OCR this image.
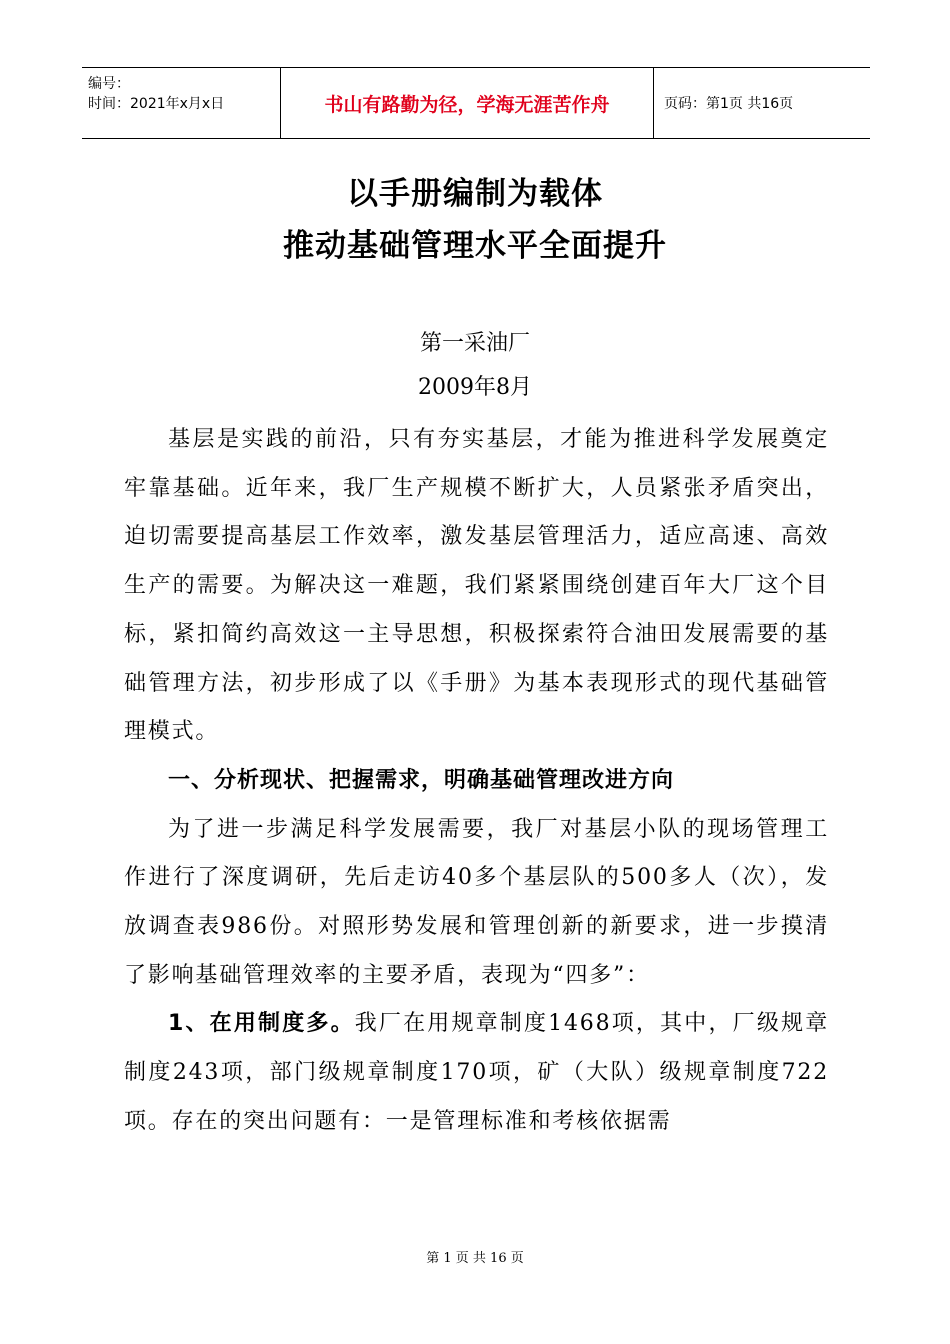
编号：
时间：2021年x月x日	书山有路勤为径，学海无涯苦作舟	页码：第1页 共16页
以手册编制为载体
推动基础管理水平全面提升
第一采油厂
2009年8月

基层是实践的前沿，只有夯实基层，才能为推进科学发展奠定牢靠基础。近年来，我厂生产规模不断扩大，人员紧张矛盾突出，迫切需要提高基层工作效率，激发基层管理活力，适应高速、高效生产的需要。为解决这一难题，我们紧紧围绕创建百年大厂这个目标，紧扣简约高效这一主导思想，积极探索符合油田发展需要的基础管理方法，初步形成了以《手册》为基本表现形式的现代基础管理模式。

一、分析现状、把握需求，明确基础管理改进方向

为了进一步满足科学发展需要，我厂对基层小队的现场管理工作进行了深度调研，先后走访40多个基层队的500多人（次），发放调查表986份。对照形势发展和管理创新的新要求，进一步摸清了影响基础管理效率的主要矛盾，表现为“四多”：

1、在用制度多。我厂在用规章制度1468项，其中，厂级规章制度243项，部门级规章制度170项，矿（大队）级规章制度722项。存在的突出问题有：一是管理标准和考核依据需

第 1 页 共 16 页
